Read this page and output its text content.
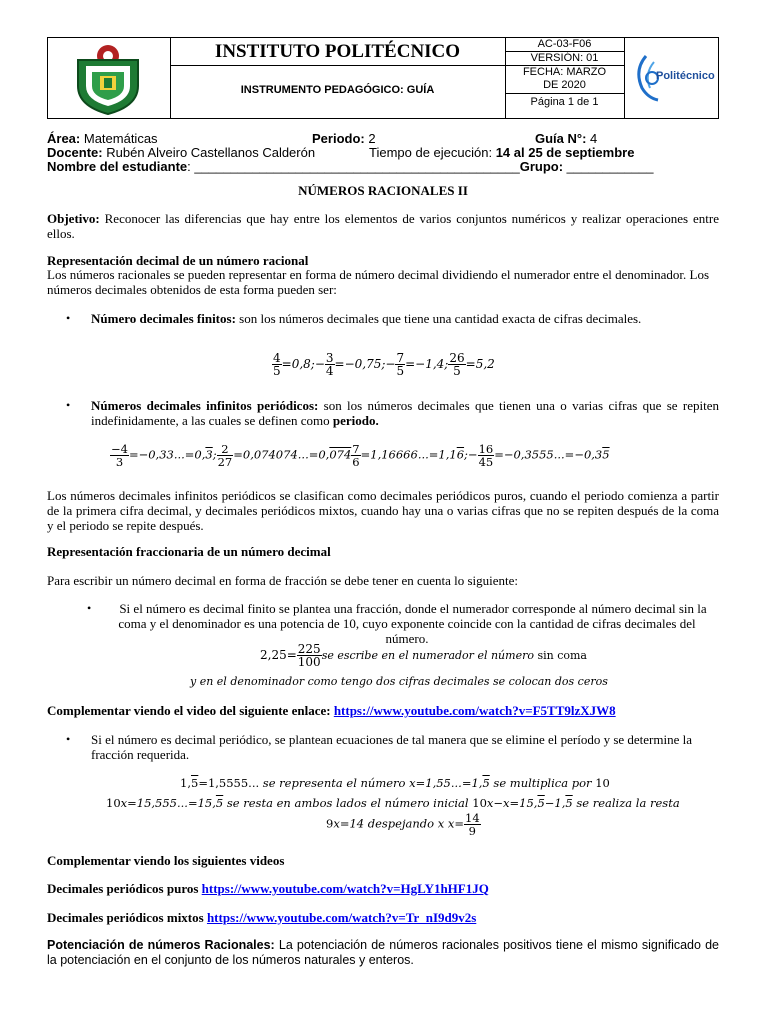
INSTITUTO POLITÉCNICO
INSTRUMENTO PEDAGÓGICO: GUÍA
AC-03-F06
VERSIÓN: 01
FECHA: MARZO
DE 2020
Página 1 de 1
Politécnico
Área: Matemáticas	Periodo: 2	Guía N°: 4
Docente: Rubén Alveiro Castellanos Calderón	Tiempo de ejecución: 14 al 25 de septiembre
Nombre del estudiante: _____________________________________________Grupo: ____________
NÚMEROS RACIONALES II

Objetivo: Reconocer las diferencias que hay entre los elementos de varios conjuntos numéricos y realizar operaciones entre ellos.

Representación decimal de un número racional

Los números racionales se pueden representar en forma de número decimal dividiendo el numerador entre el denominador. Los números decimales obtenidos de esta forma pueden ser:

• Número decimales finitos: son los números decimales que tiene una cantidad exacta de cifras decimales.

$\frac{4}{5}$ =0,8;− $\frac{3}{4}$ =−0,75;− $\frac{7}{5} =-1,4$; $\frac{26}{5} =5,2$
• Números decimales infinitos periódicos: son los números decimales que tienen una o varias cifras que se repiten indefinidamente, a las cuales se definen como periodo.

$\frac{-4}{3} =-0,33...=0,3$; $\frac{2}{27} =0,074074...=0,074 \frac{7}{6}$ =1,16666...=1,16;− $\frac{16}{45} =-0,3555...=-0,35$

Los números decimales infinitos periódicos se clasifican como decimales periódicos puros, cuando el periodo comienza a partir de la primera cifra decimal, y decimales periódicos mixtos, cuando hay una o varias cifras que no se repiten después de la coma y el periodo se repite después.

Representación fraccionaria de un número decimal

Para escribir un número decimal en forma de fracción se debe tener en cuenta lo siguiente:

•	Si el número es decimal finito se plantea una fracción, donde el numerador corresponde al número decimal sin la coma y el denominador es una potencia de 10, cuyo exponente coincide con la cantidad de cifras decimales del número.

$2,25= \frac{225}{100}$ se escribe en el numerador el número sin coma
y en el denominador como tengo dos cifras decimales se colocan dos ceros

Complementar viendo el video del siguiente enlace: https://www.youtube.com/watch?v=F5TT9lzXJW8

• Si el número es decimal periódico, se plantean ecuaciones de tal manera que se elimine el período y se determine la fracción requerida.

1,5=1,5555... se representa el número x=1,55...=1,5 se multiplica por 10
10x=15,555...=15,5 se resta en ambos lados el número inicial 10x−x=15,5−1,5 se realiza la resta
9x=14 despejando x $x= \frac{14}{9}$

Complementar viendo los siguientes videos

Decimales periódicos puros https://www.youtube.com/watch?v=HgLY1hHF1JQ

Decimales periódicos mixtos https://www.youtube.com/watch?v=Tr_nI9d9v2s

Potenciación de números Racionales: La potenciación de números racionales positivos tiene el mismo significado de la potenciación en el conjunto de los números naturales y enteros.
